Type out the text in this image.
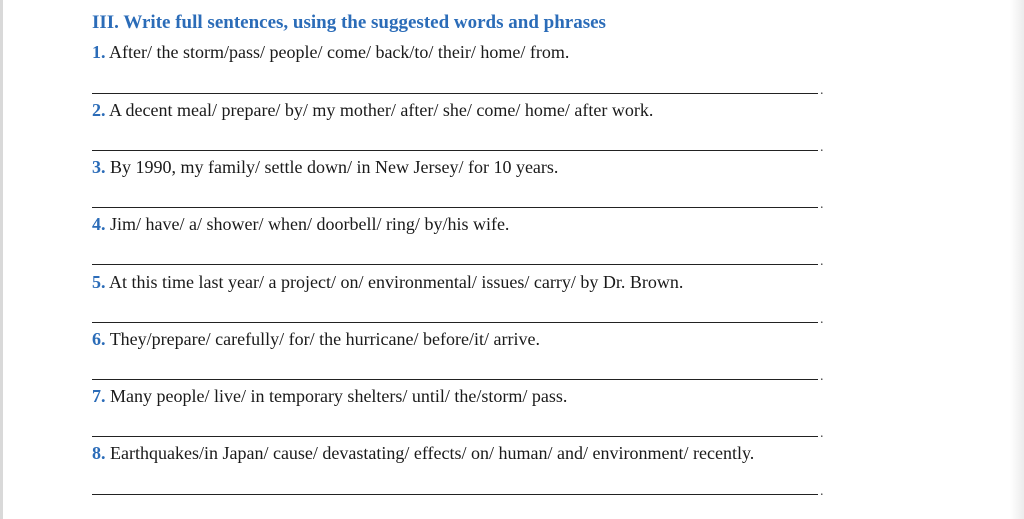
III. Write full sentences, using the suggested words and phrases
1. After/ the storm/pass/ people/ come/ back/to/ their/ home/ from.
.
2. A decent meal/ prepare/ by/ my mother/ after/ she/ come/ home/ after work.
.
3. By 1990, my family/ settle down/ in New Jersey/ for 10 years.
.
4. Jim/ have/ a/ shower/ when/ doorbell/ ring/ by/his wife.
.
5. At this time last year/ a project/ on/ environmental/ issues/ carry/ by Dr. Brown.
.
6. They/prepare/ carefully/ for/ the hurricane/ before/it/ arrive.
.
7. Many people/ live/ in temporary shelters/ until/ the/storm/ pass.
.
8. Earthquakes/in Japan/ cause/ devastating/ effects/ on/ human/ and/ environment/ recently.
.
